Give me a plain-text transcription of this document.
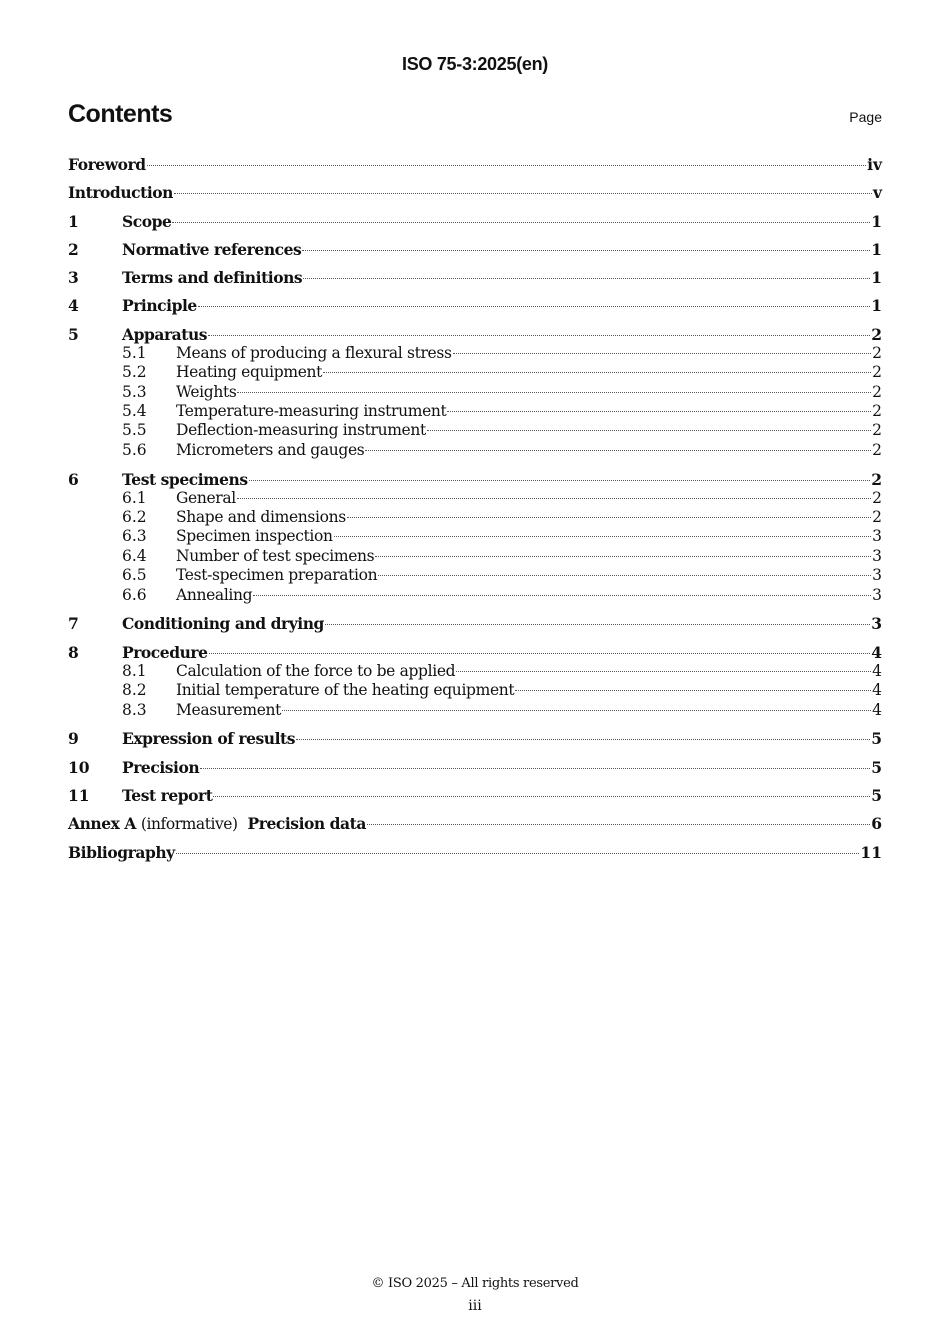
ISO 75-3:2025(en)
Contents	Page
Foreword	iv
Introduction	v
1	Scope	1
2	Normative references	1
3	Terms and definitions	1
4	Principle	1
5	Apparatus	2
5.1	Means of producing a flexural stress	2
5.2	Heating equipment	2
5.3	Weights	2
5.4	Temperature-measuring instrument	2
5.5	Deflection-measuring instrument	2
5.6	Micrometers and gauges	2
6	Test specimens	2
6.1	General	2
6.2	Shape and dimensions	2
6.3	Specimen inspection	3
6.4	Number of test specimens	3
6.5	Test-specimen preparation	3
6.6	Annealing	3
7	Conditioning and drying	3
8	Procedure	4
8.1	Calculation of the force to be applied	4
8.2	Initial temperature of the heating equipment	4
8.3	Measurement	4
9	Expression of results	5
10	Precision	5
11	Test report	5
Annex A (informative) Precision data	6
Bibliography	11
© ISO 2025 – All rights reserved
iii
